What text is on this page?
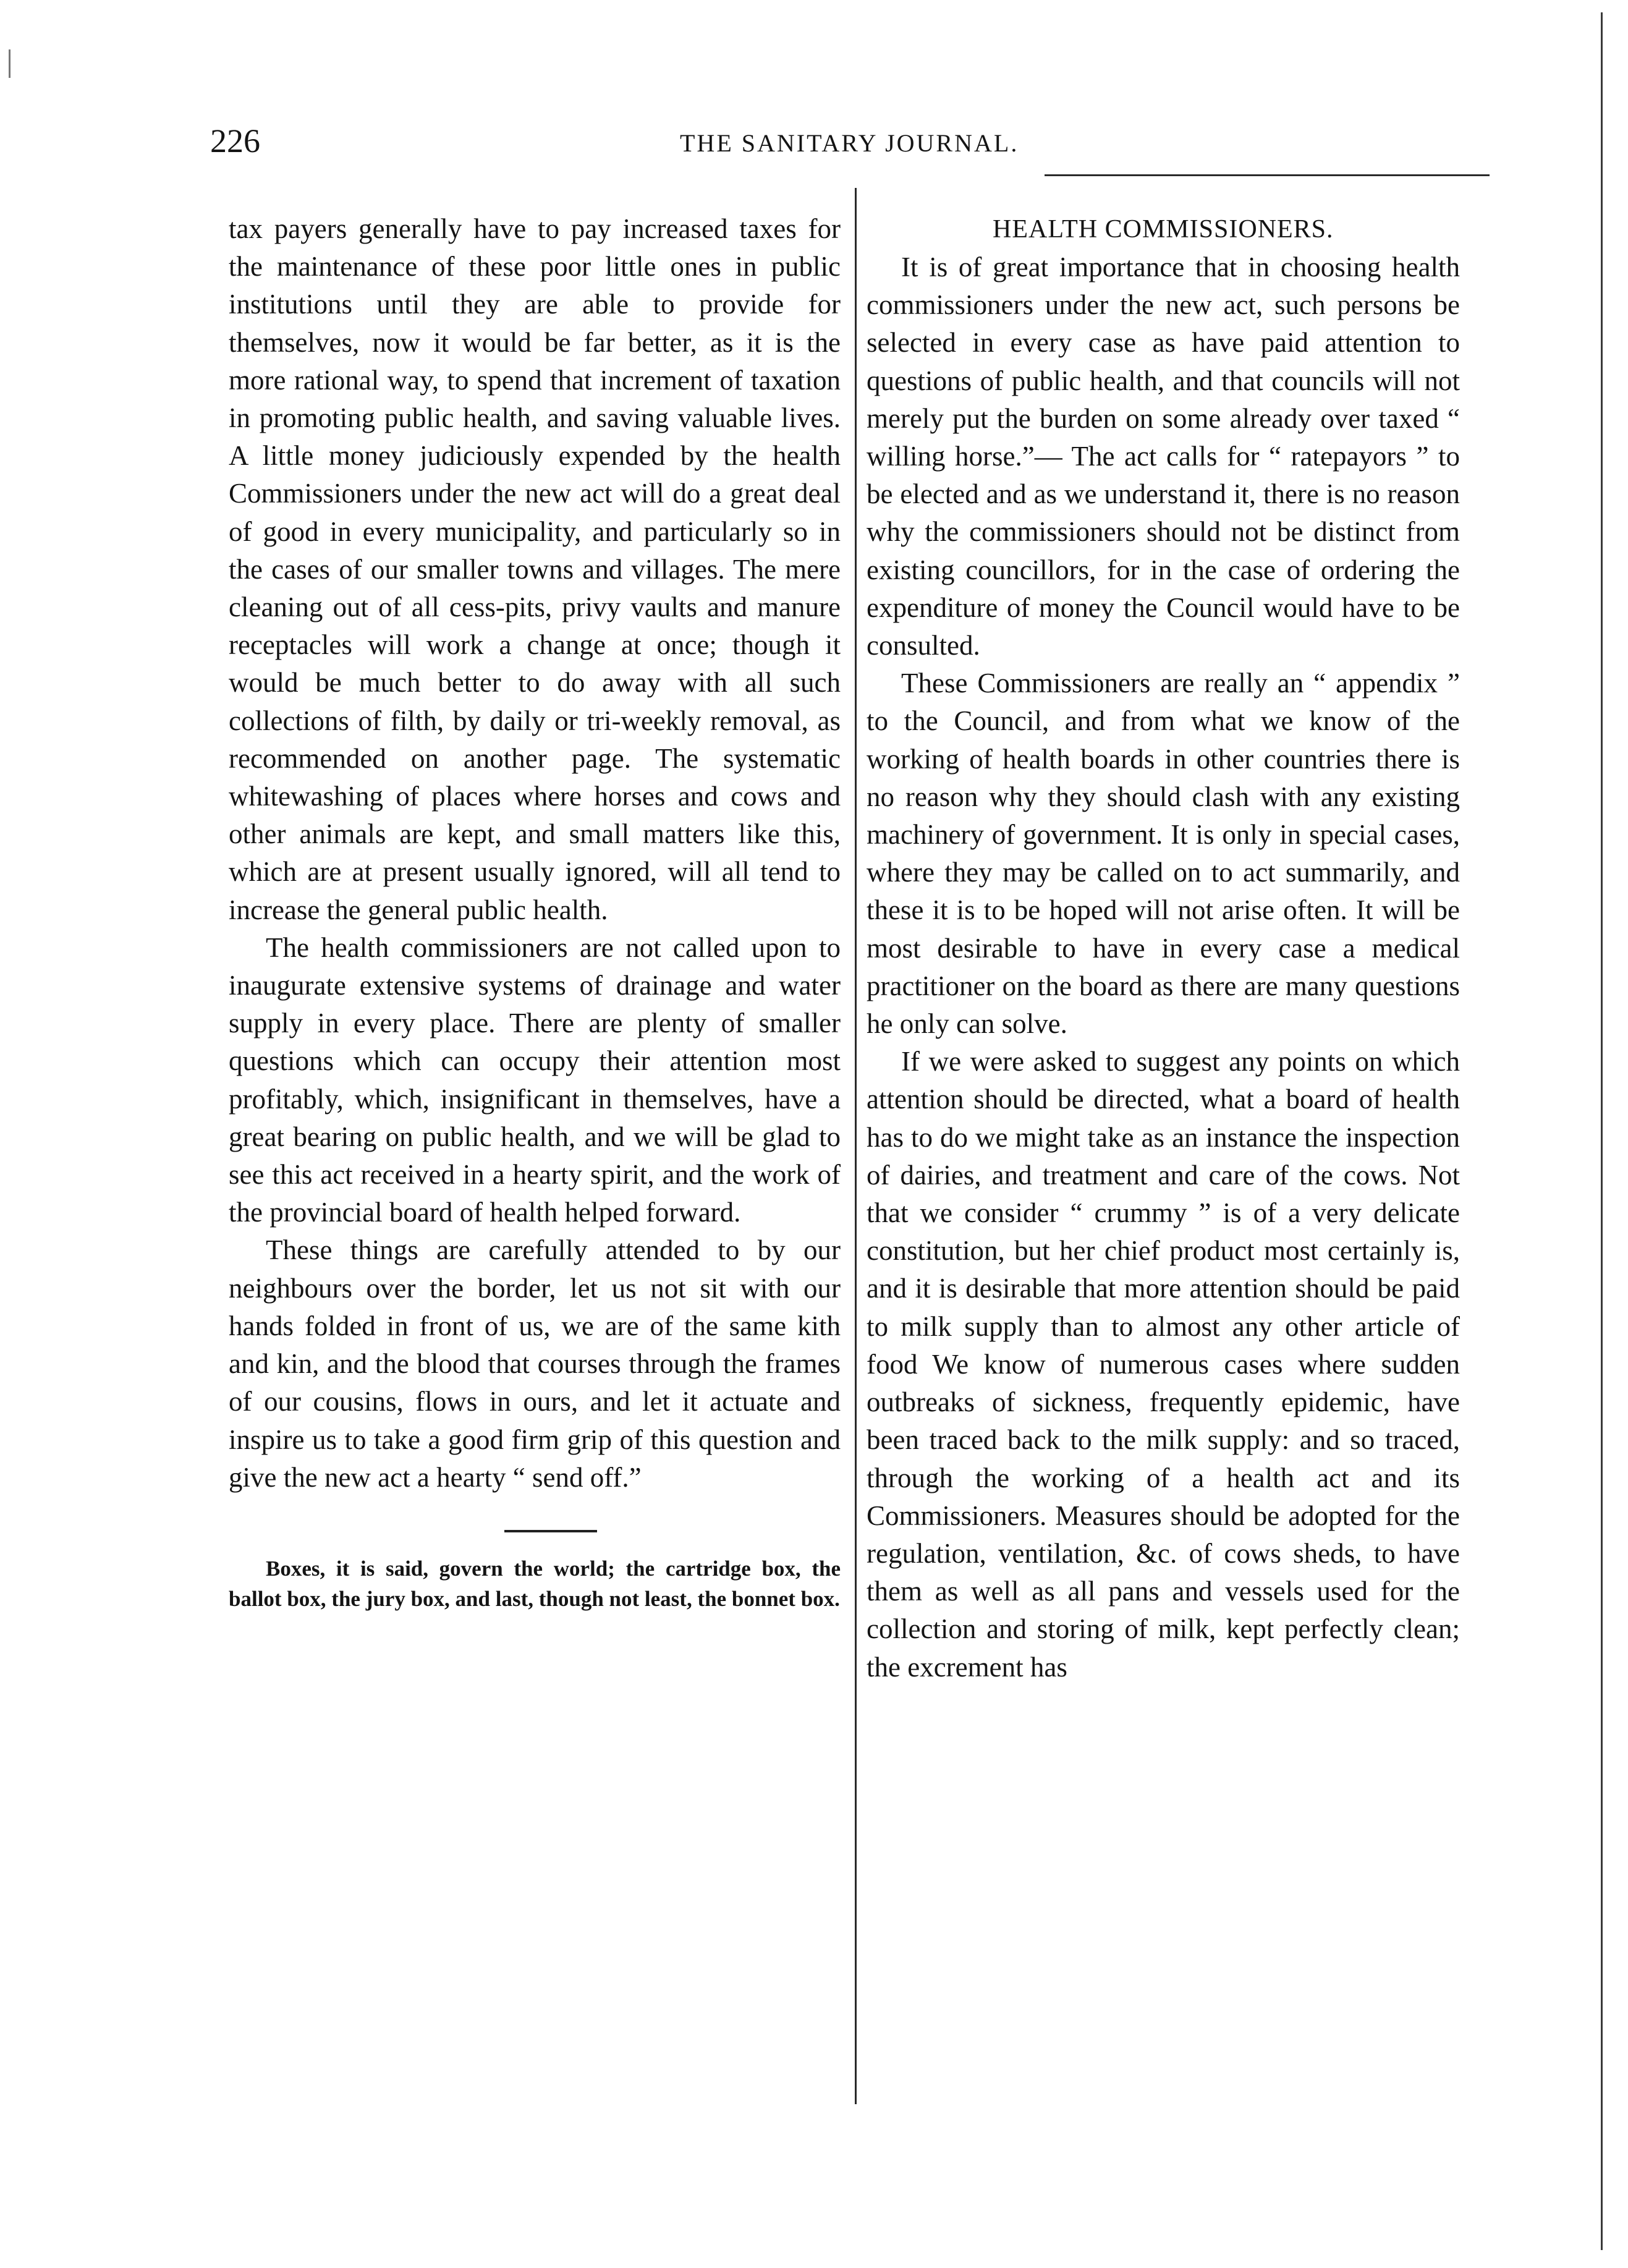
226	THE SANITARY JOURNAL.

tax payers generally have to pay increased taxes for the maintenance of these poor little ones in public institutions until they are able to provide for themselves, now it would be far better, as it is the more rational way, to spend that increment of taxation in promoting public health, and saving valuable lives. A little money judiciously expended by the health Commissioners under the new act will do a great deal of good in every municipality, and particularly so in the cases of our smaller towns and villages. The mere cleaning out of all cess-pits, privy vaults and manure receptacles will work a change at once; though it would be much better to do away with all such collections of filth, by daily or tri-weekly removal, as recommended on another page. The systematic whitewashing of places where horses and cows and other animals are kept, and small matters like this, which are at present usually ignored, will all tend to increase the general public health.

The health commissioners are not called upon to inaugurate extensive systems of drainage and water supply in every place. There are plenty of smaller questions which can occupy their attention most profitably, which, insignificant in themselves, have a great bearing on public health, and we will be glad to see this act received in a hearty spirit, and the work of the provincial board of health helped forward.

These things are carefully attended to by our neighbours over the border, let us not sit with our hands folded in front of us, we are of the same kith and kin, and the blood that courses through the frames of our cousins, flows in ours, and let it actuate and inspire us to take a good firm grip of this question and give the new act a hearty “ send off.”

Boxes, it is said, govern the world; the cartridge box, the ballot box, the jury box, and last, though not least, the bonnet box.

HEALTH COMMISSIONERS.

It is of great importance that in choosing health commissioners under the new act, such persons be selected in every case as have paid attention to questions of public health, and that councils will not merely put the burden on some already over taxed “ willing horse.”— The act calls for “ ratepayors ” to be elected and as we understand it, there is no reason why the commissioners should not be distinct from existing councillors, for in the case of ordering the expenditure of money the Council would have to be consulted.

These Commissioners are really an “ appendix ” to the Council, and from what we know of the working of health boards in other countries there is no reason why they should clash with any existing machinery of government. It is only in special cases, where they may be called on to act summarily, and these it is to be hoped will not arise often. It will be most desirable to have in every case a medical practitioner on the board as there are many questions he only can solve.

If we were asked to suggest any points on which attention should be directed, what a board of health has to do we might take as an instance the inspection of dairies, and treatment and care of the cows. Not that we consider “ crummy ” is of a very delicate constitution, but her chief product most certainly is, and it is desirable that more attention should be paid to milk supply than to almost any other article of food We know of numerous cases where sudden outbreaks of sickness, frequently epidemic, have been traced back to the milk supply: and so traced, through the working of a health act and its Commissioners. Measures should be adopted for the regulation, ventilation, &c. of cows sheds, to have them as well as all pans and vessels used for the collection and storing of milk, kept perfectly clean; the excrement has
